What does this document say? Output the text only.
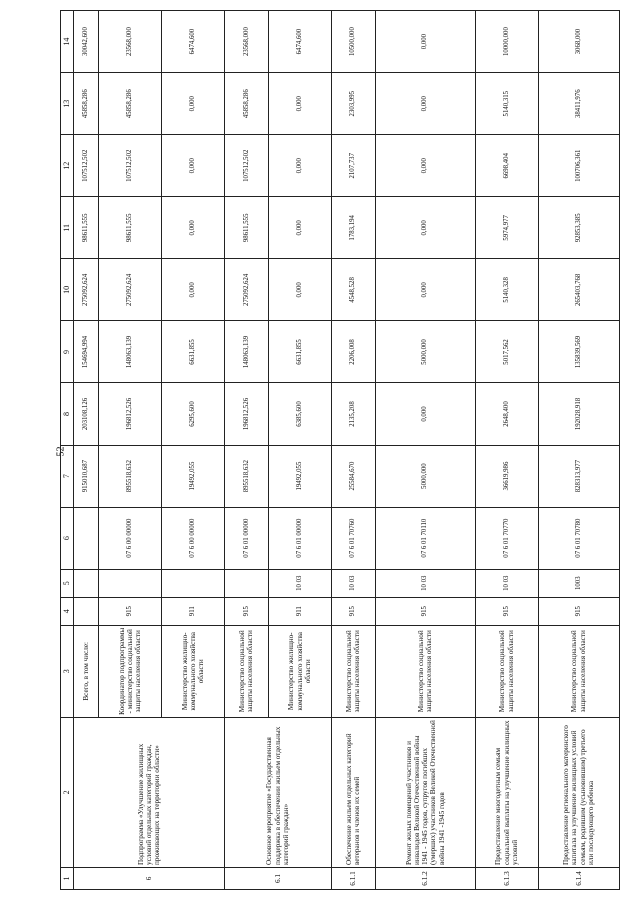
52
1	2	3	4	5	6	7	8	9	10	11	12	13	14
6	Подпрограмма «Улучшение жилищных условий отдельных категорий граждан, проживающих на территории области»	Всего, в том числе:				915010,687	203108,126	154694,994	275092,624	98611,555	107512,502	45858,286	30042,600
		Координатор подпрограммы - министерство социальной защиты населения области	915		07 6 00 00000	895518,632	196812,526	148063,139	275092,624	98611,555	107512,502	45858,286	23568,000
		Министерство жилищно-коммунального хозяйства области	911		07 6 00 00000	19492,055	6295,600	6631,855	0,000	0,000	0,000	0,000	6474,600
6.1	Основное мероприятие «Государственная поддержка в обеспечении жильем отдельных категорий граждан»	Министерство социальной защиты населения области	915		07 6 01 00000	895518,632	196812,526	148063,139	275092,624	98611,555	107512,502	45858,286	23568,000
		Министерство жилищно-коммунального хозяйства области	911	10 03	07 6 01 00000	19492,055	6385,600	6631,855	0,000	0,000	0,000	0,000	6474,600
6.1.1	Обеспечение жильем отдельных категорий ветеранов и членов их семей	Министерство социальной защиты населения области	915	10 03	07 6 01 70760	25584,670	2135,208	2206,008	4548,528	1783,194	2107,737	2303,995	10500,000
6.1.2	Ремонт жилых помещений участников и инвалидов Великой Отечественной войны 1941 - 1945 годов, супругов погибших (умерших) участников Великой Отечественной войны 1941 -1945 годов	Министерство социальной защиты населения области	915	10 03	07 6 01 70110	5000,000	0,000	5000,000	0,000	0,000	0,000	0,000	0,000
6.1.3	Предоставление многодетным семьям социальной выплаты на улучшение жилищных условий	Министерство социальной защиты населения области	915	10 03	07 6 01 70770	36619,986	2648,400	5017,562	5140,328	5974,977	6698,404	5140,315	10000,000
6.1.4	Предоставление регионального материнского капитала на улучшение жилищных условий семьям, родившим (усыновившим) третьего или последующего ребенка	Министерство социальной защиты населения области	915	1003	07 6 01 70780	828313,977	192028,918	135839,569	265403,768	92853,385	100706,361	38411,976	3068,000
